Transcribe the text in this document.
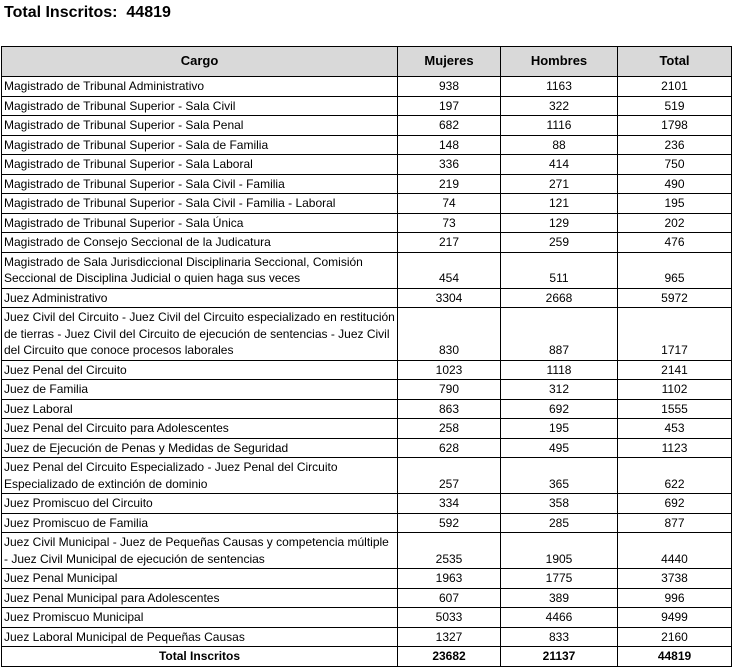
Total Inscritos: 44819
Cargo	Mujeres	Hombres	Total
Magistrado de Tribunal Administrativo	938	1163	2101
Magistrado de Tribunal Superior - Sala Civil	197	322	519
Magistrado de Tribunal Superior - Sala Penal	682	1116	1798
Magistrado de Tribunal Superior - Sala de Familia	148	88	236
Magistrado de Tribunal Superior - Sala Laboral	336	414	750
Magistrado de Tribunal Superior - Sala Civil - Familia	219	271	490
Magistrado de Tribunal Superior - Sala Civil - Familia - Laboral	74	121	195
Magistrado de Tribunal Superior - Sala Única	73	129	202
Magistrado de Consejo Seccional de la Judicatura	217	259	476
Magistrado de Sala Jurisdiccional Disciplinaria Seccional, Comisión Seccional de Disciplina Judicial o quien haga sus veces	454	511	965
Juez Administrativo	3304	2668	5972
Juez Civil del Circuito - Juez Civil del Circuito especializado en restitución de tierras - Juez Civil del Circuito de ejecución de sentencias - Juez Civil del Circuito que conoce procesos laborales	830	887	1717
Juez Penal del Circuito	1023	1118	2141
Juez de Familia	790	312	1102
Juez Laboral	863	692	1555
Juez Penal del Circuito para Adolescentes	258	195	453
Juez de Ejecución de Penas y Medidas de Seguridad	628	495	1123
Juez Penal del Circuito Especializado - Juez Penal del Circuito Especializado de extinción de dominio	257	365	622
Juez Promiscuo del Circuito	334	358	692
Juez Promiscuo de Familia	592	285	877
Juez Civil Municipal - Juez de Pequeñas Causas y competencia múltiple - Juez Civil Municipal de ejecución de sentencias	2535	1905	4440
Juez Penal Municipal	1963	1775	3738
Juez Penal Municipal para Adolescentes	607	389	996
Juez Promiscuo Municipal	5033	4466	9499
Juez Laboral Municipal de Pequeñas Causas	1327	833	2160
Total Inscritos	23682	21137	44819
